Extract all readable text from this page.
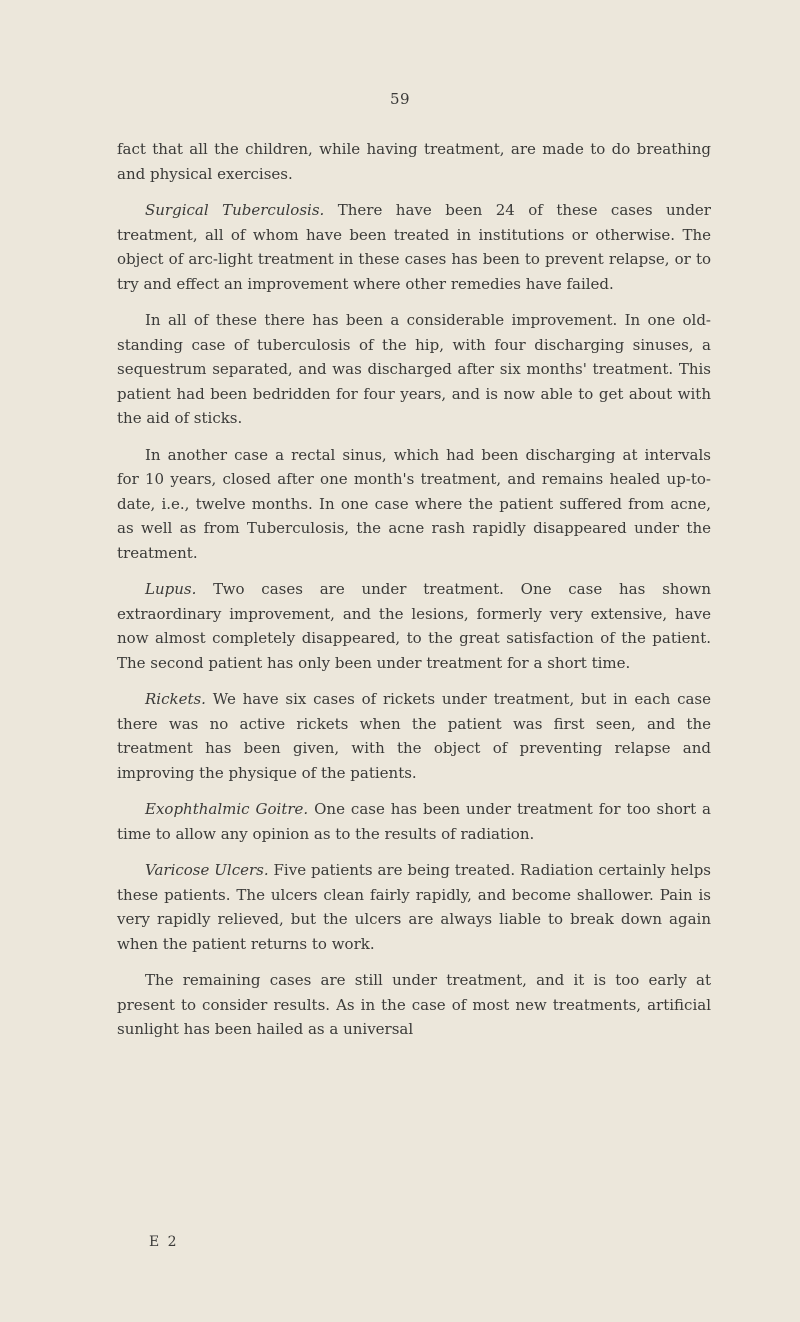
59

fact that all the children, while having treatment, are made to do breathing and physical exercises.

Surgical Tuberculosis. There have been 24 of these cases under treatment, all of whom have been treated in institutions or otherwise. The object of arc-light treatment in these cases has been to prevent relapse, or to try and effect an improvement where other remedies have failed.

In all of these there has been a considerable improvement. In one old-standing case of tuberculosis of the hip, with four discharging sinuses, a sequestrum separated, and was discharged after six months' treatment. This patient had been bedridden for four years, and is now able to get about with the aid of sticks.

In another case a rectal sinus, which had been discharging at intervals for 10 years, closed after one month's treatment, and remains healed up-to-date, i.e., twelve months. In one case where the patient suffered from acne, as well as from Tuberculosis, the acne rash rapidly disappeared under the treatment.

Lupus. Two cases are under treatment. One case has shown extraordinary improvement, and the lesions, formerly very extensive, have now almost completely disappeared, to the great satisfaction of the patient. The second patient has only been under treatment for a short time.

Rickets. We have six cases of rickets under treatment, but in each case there was no active rickets when the patient was first seen, and the treatment has been given, with the object of preventing relapse and improving the physique of the patients.

Exophthalmic Goitre. One case has been under treatment for too short a time to allow any opinion as to the results of radiation.

Varicose Ulcers. Five patients are being treated. Radiation certainly helps these patients. The ulcers clean fairly rapidly, and become shallower. Pain is very rapidly relieved, but the ulcers are always liable to break down again when the patient returns to work.

The remaining cases are still under treatment, and it is too early at present to consider results. As in the case of most new treatments, artificial sunlight has been hailed as a universal

E 2
